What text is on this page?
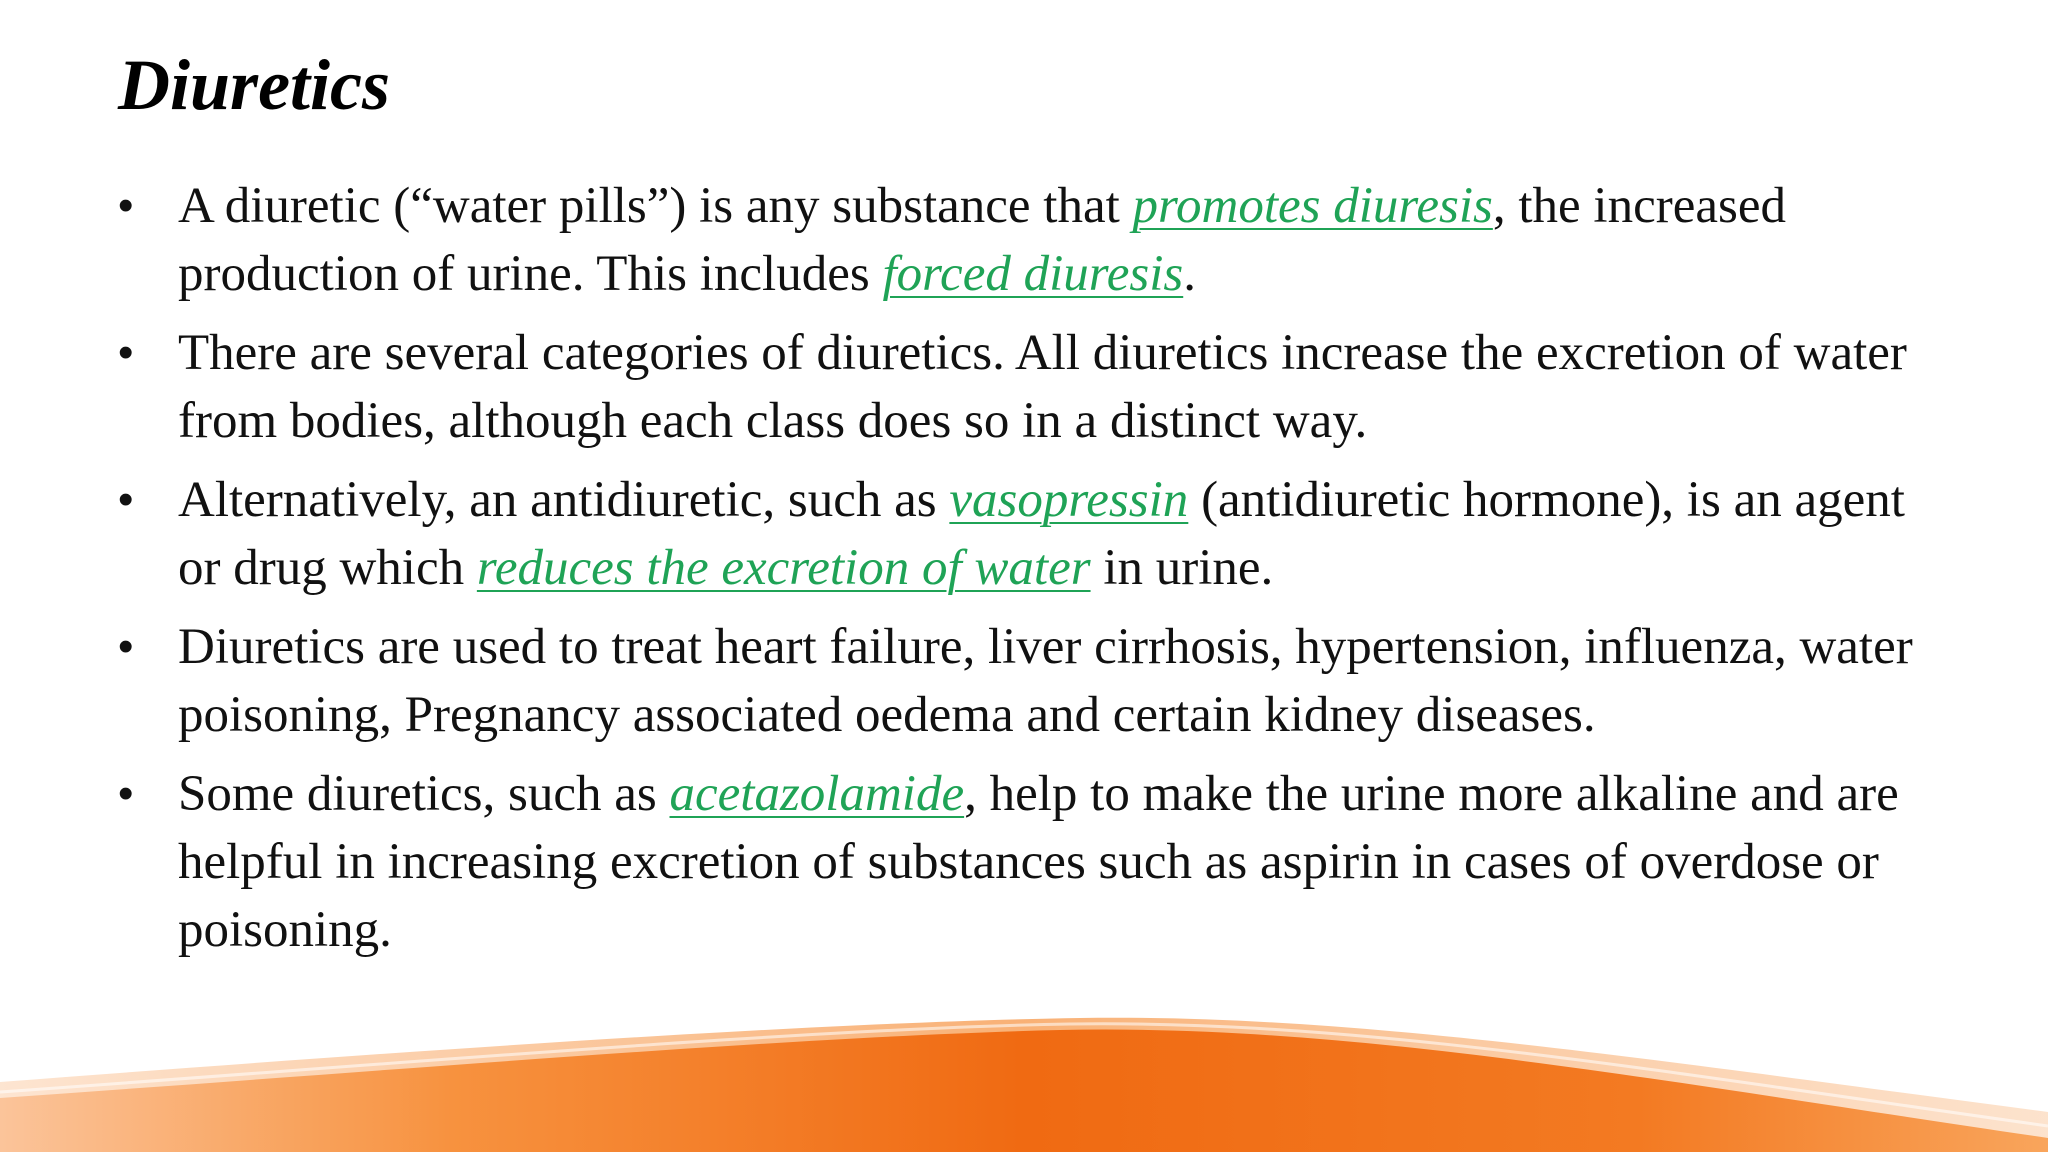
Diuretics
• A diuretic (“water pills”) is any substance that promotes diuresis, the increased production of urine. This includes forced diuresis.
• There are several categories of diuretics. All diuretics increase the excretion of water from bodies, although each class does so in a distinct way.
• Alternatively, an antidiuretic, such as vasopressin (antidiuretic hormone), is an agent or drug which reduces the excretion of water in urine.
• Diuretics are used to treat heart failure, liver cirrhosis, hypertension, influenza, water poisoning, Pregnancy associated oedema and certain kidney diseases.
• Some diuretics, such as acetazolamide, help to make the urine more alkaline and are helpful in increasing excretion of substances such as aspirin in cases of overdose or poisoning.
